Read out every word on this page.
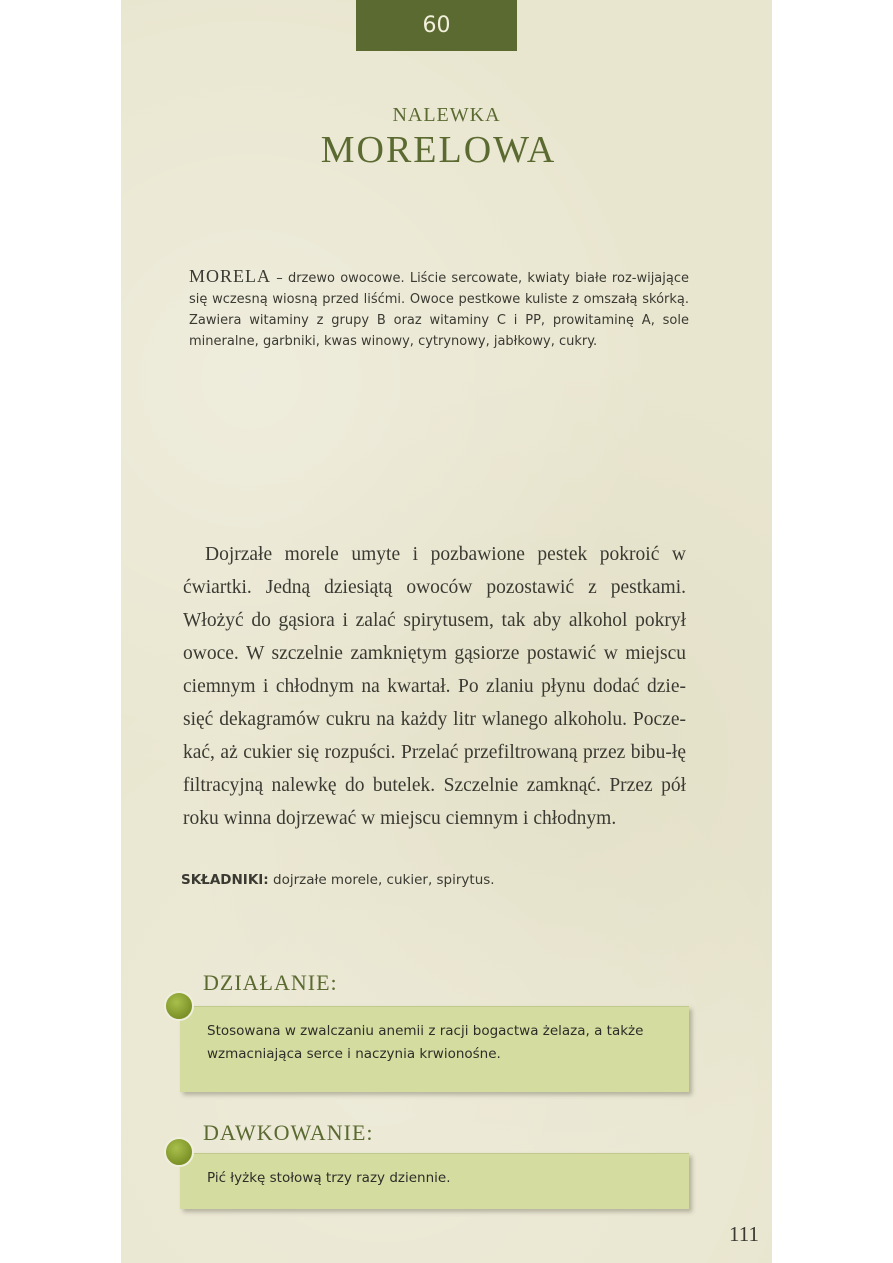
60
NALEWKA
MORELOWA
MORELA – drzewo owocowe. Liście sercowate, kwiaty białe roz-wijające się wczesną wiosną przed liśćmi. Owoce pestkowe kuliste z omszałą skórką. Zawiera witaminy z grupy B oraz witaminy C i PP, prowitaminę A, sole mineralne, garbniki, kwas winowy, cytrynowy, jabłkowy, cukry.
Dojrzałe morele umyte i pozbawione pestek pokroić w ćwiartki. Jedną dziesiątą owoców pozostawić z pestkami. Włożyć do gąsiora i zalać spirytusem, tak aby alkohol pokrył owoce. W szczelnie zamkniętym gąsiorze postawić w miejscu ciemnym i chłodnym na kwartał. Po zlaniu płynu dodać dzie-sięć dekagramów cukru na każdy litr wlanego alkoholu. Pocze-kać, aż cukier się rozpuści. Przelać przefiltrowaną przez bibu-łę filtracyjną nalewkę do butelek. Szczelnie zamknąć. Przez pół roku winna dojrzewać w miejscu ciemnym i chłodnym.
SKŁADNIKI: dojrzałe morele, cukier, spirytus.
DZIAŁANIE:
Stosowana w zwalczaniu anemii z racji bogactwa żelaza, a także wzmacniająca serce i naczynia krwionośne.
DAWKOWANIE:
Pić łyżkę stołową trzy razy dziennie.
111
